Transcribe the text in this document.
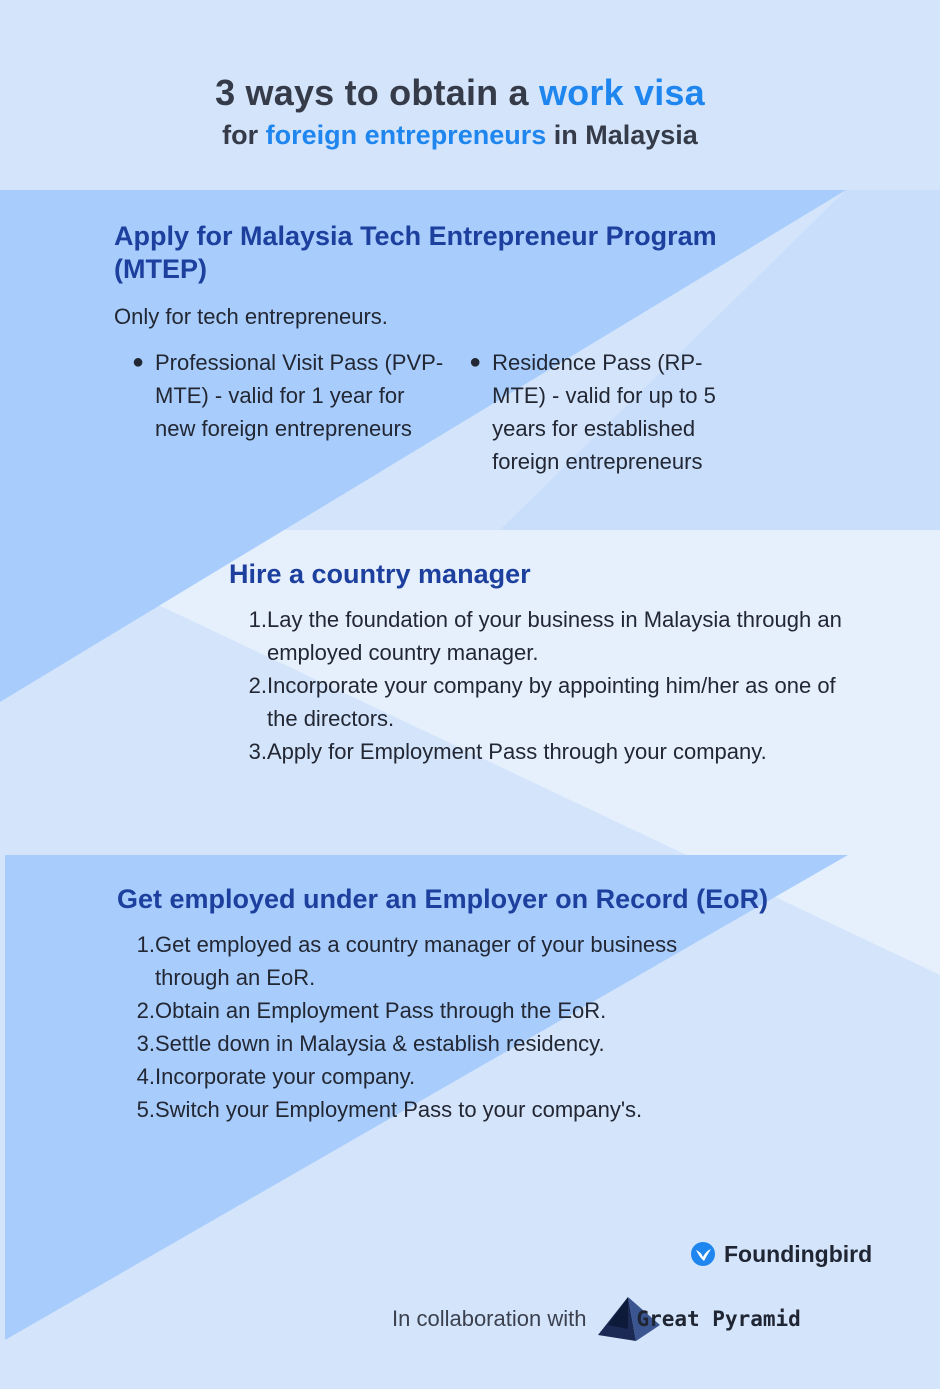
3 ways to obtain a work visa
for foreign entrepreneurs in Malaysia
Apply for Malaysia Tech Entrepreneur Program (MTEP)
Only for tech entrepreneurs.
● Professional Visit Pass (PVP-MTE) - valid for 1 year for new foreign entrepreneurs
● Residence Pass (RP-MTE) - valid for up to 5 years for established foreign entrepreneurs
Hire a country manager
1. Lay the foundation of your business in Malaysia through an employed country manager.
2. Incorporate your company by appointing him/her as one of the directors.
3. Apply for Employment Pass through your company.
Get employed under an Employer on Record (EoR)
1. Get employed as a country manager of your business through an EoR.
2. Obtain an Employment Pass through the EoR.
3. Settle down in Malaysia & establish residency.
4. Incorporate your company.
5. Switch your Employment Pass to your company's.
Foundingbird
In collaboration with Great Pyramid
